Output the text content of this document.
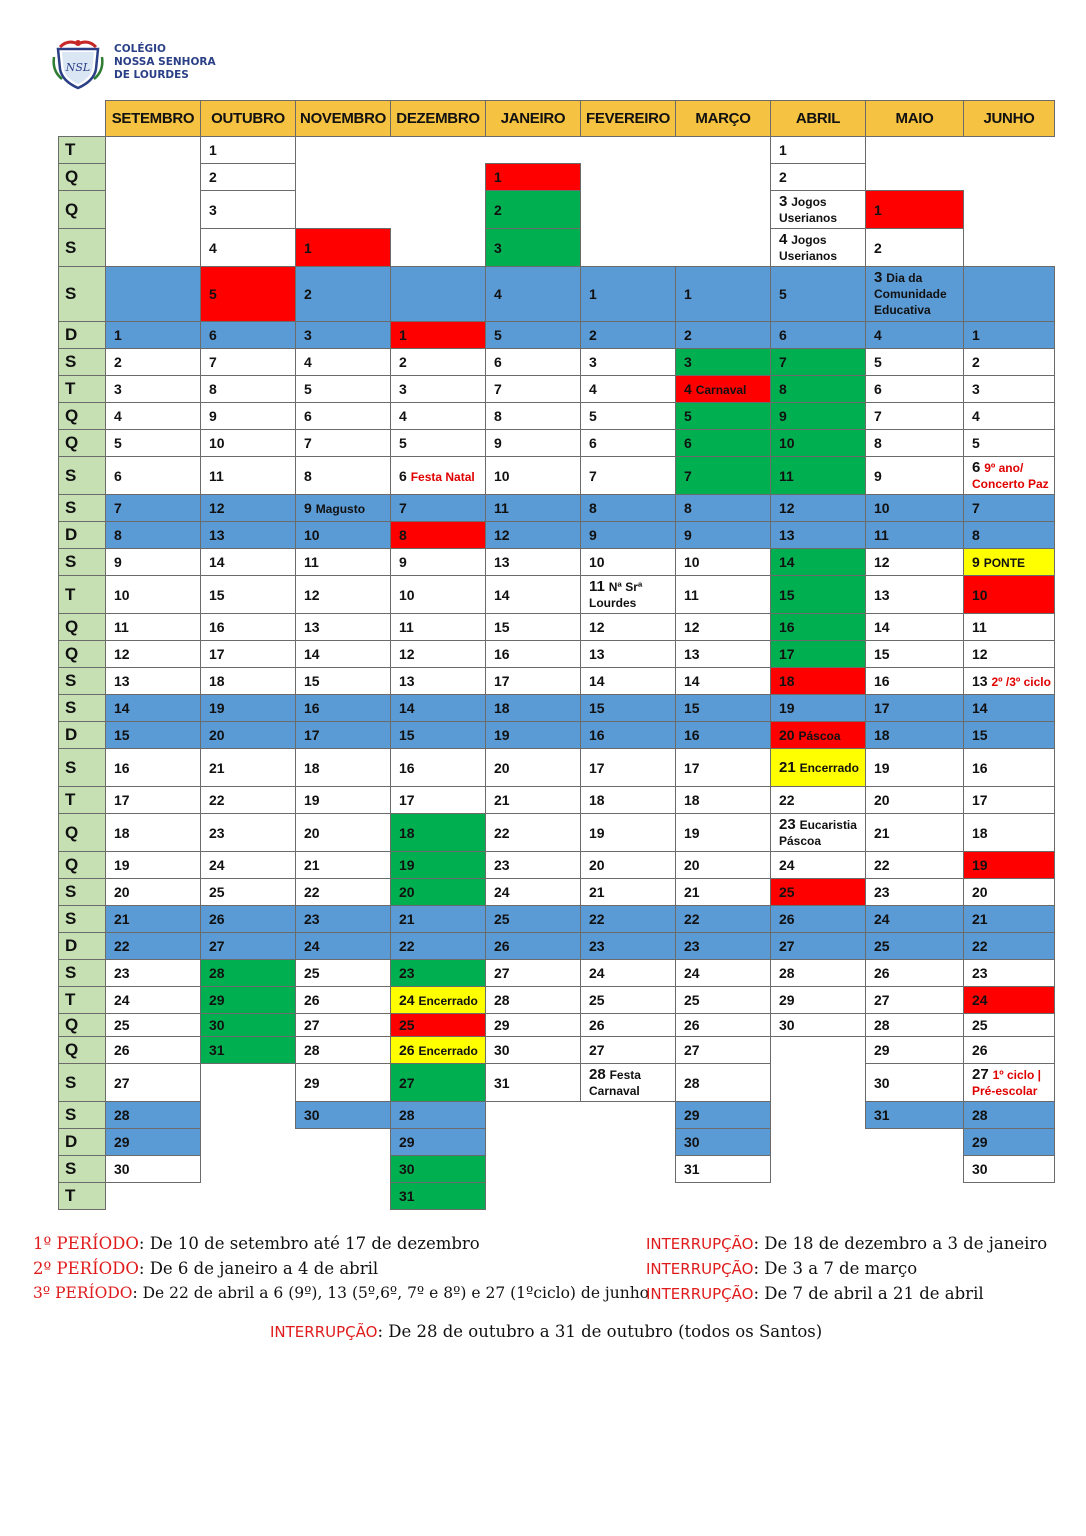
NSL
COLÉGIO
NOSSA SENHORA
DE LOURDES
	SETEMBRO	OUTUBRO	NOVEMBRO	DEZEMBRO	JANEIRO	FEVEREIRO	MARÇO	ABRIL	MAIO	JUNHO
T		1						1		
Q		2			1			2		
Q		3			2			3 Jogos Userianos	1	
S		4	1		3			4 Jogos Userianos	2	
S		5	2		4	1	1	5	3 Dia da Comunidade Educativa	
D	1	6	3	1	5	2	2	6	4	1
S	2	7	4	2	6	3	3	7	5	2
T	3	8	5	3	7	4	4 Carnaval	8	6	3
Q	4	9	6	4	8	5	5	9	7	4
Q	5	10	7	5	9	6	6	10	8	5
S	6	11	8	6 Festa Natal	10	7	7	11	9	6 9º ano/ Concerto Paz
S	7	12	9 Magusto	7	11	8	8	12	10	7
D	8	13	10	8	12	9	9	13	11	8
S	9	14	11	9	13	10	10	14	12	9 PONTE
T	10	15	12	10	14	11 Nª Srª Lourdes	11	15	13	10
Q	11	16	13	11	15	12	12	16	14	11
Q	12	17	14	12	16	13	13	17	15	12
S	13	18	15	13	17	14	14	18	16	13 2º /3º ciclo
S	14	19	16	14	18	15	15	19	17	14
D	15	20	17	15	19	16	16	20 Páscoa	18	15
S	16	21	18	16	20	17	17	21 Encerrado	19	16
T	17	22	19	17	21	18	18	22	20	17
Q	18	23	20	18	22	19	19	23 Eucaristia Páscoa	21	18
Q	19	24	21	19	23	20	20	24	22	19
S	20	25	22	20	24	21	21	25	23	20
S	21	26	23	21	25	22	22	26	24	21
D	22	27	24	22	26	23	23	27	25	22
S	23	28	25	23	27	24	24	28	26	23
T	24	29	26	24 Encerrado	28	25	25	29	27	24
Q	25	30	27	25	29	26	26	30	28	25
Q	26	31	28	26 Encerrado	30	27	27		29	26
S	27		29	27	31	28 Festa Carnaval	28		30	27 1º ciclo | Pré-escolar
S	28		30	28			29		31	28
D	29			29			30			29
S	30			30			31			30
T				31						
1º PERÍODO: De 10 de setembro até 17 de dezembro
2º PERÍODO: De 6 de janeiro a 4 de abril
3º PERÍODO: De 22 de abril a 6 (9º), 13 (5º,6º, 7º e 8º) e 27 (1ºciclo) de junho
INTERRUPÇÃO: De 18 de dezembro a 3 de janeiro
INTERRUPÇÃO: De 3 a 7 de março
INTERRUPÇÃO: De 7 de abril a 21 de abril
INTERRUPÇÃO: De 28 de outubro a 31 de outubro (todos os Santos)
